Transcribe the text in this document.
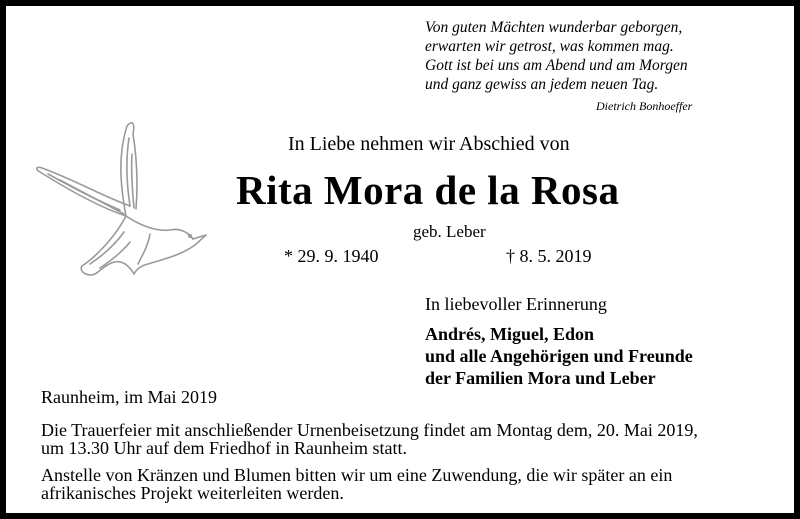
Von guten Mächten wunderbar geborgen,
erwarten wir getrost, was kommen mag.
Gott ist bei uns am Abend und am Morgen
und ganz gewiss an jedem neuen Tag.
Dietrich Bonhoeffer
In Liebe nehmen wir Abschied von
Rita Mora de la Rosa
geb. Leber
* 29. 9. 1940	† 8. 5. 2019
In liebevoller Erinnerung
Andrés, Miguel, Edon
und alle Angehörigen und Freunde
der Familien Mora und Leber
Raunheim, im Mai 2019
Die Trauerfeier mit anschließender Urnenbeisetzung findet am Montag dem, 20. Mai 2019,
um 13.30 Uhr auf dem Friedhof in Raunheim statt.
Anstelle von Kränzen und Blumen bitten wir um eine Zuwendung, die wir später an ein
afrikanisches Projekt weiterleiten werden.
